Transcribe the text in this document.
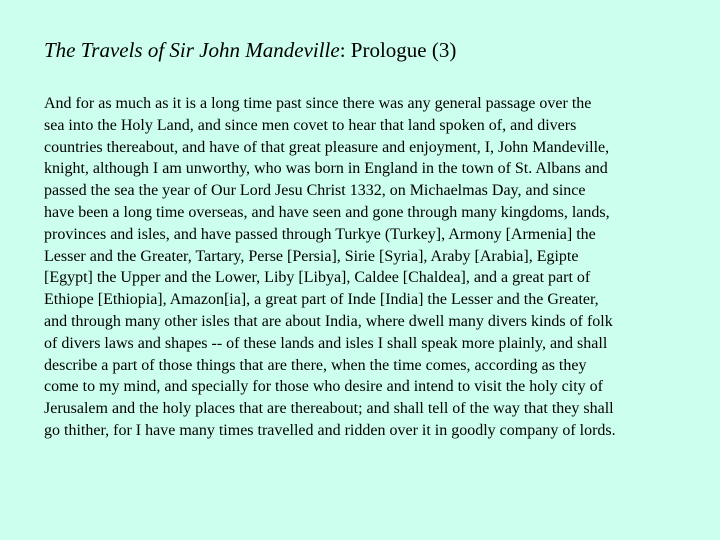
The Travels of Sir John Mandeville: Prologue (3)
And for as much as it is a long time past since there was any general passage over the
sea into the Holy Land, and since men covet to hear that land spoken of, and divers
countries thereabout, and have of that great pleasure and enjoyment, I, John Mandeville,
knight, although I am unworthy, who was born in England in the town of St. Albans and
passed the sea the year of Our Lord Jesu Christ 1332, on Michaelmas Day, and since
have been a long time overseas, and have seen and gone through many kingdoms, lands,
provinces and isles, and have passed through Turkye (Turkey], Armony [Armenia] the
Lesser and the Greater, Tartary, Perse [Persia], Sirie [Syria], Araby [Arabia], Egipte
[Egypt] the Upper and the Lower, Liby [Libya], Caldee [Chaldea], and a great part of
Ethiope [Ethiopia], Amazon[ia], a great part of Inde [India] the Lesser and the Greater,
and through many other isles that are about India, where dwell many divers kinds of folk
of divers laws and shapes -- of these lands and isles I shall speak more plainly, and shall
describe a part of those things that are there, when the time comes, according as they
come to my mind, and specially for those who desire and intend to visit the holy city of
Jerusalem and the holy places that are thereabout; and shall tell of the way that they shall
go thither, for I have many times travelled and ridden over it in goodly company of lords.
